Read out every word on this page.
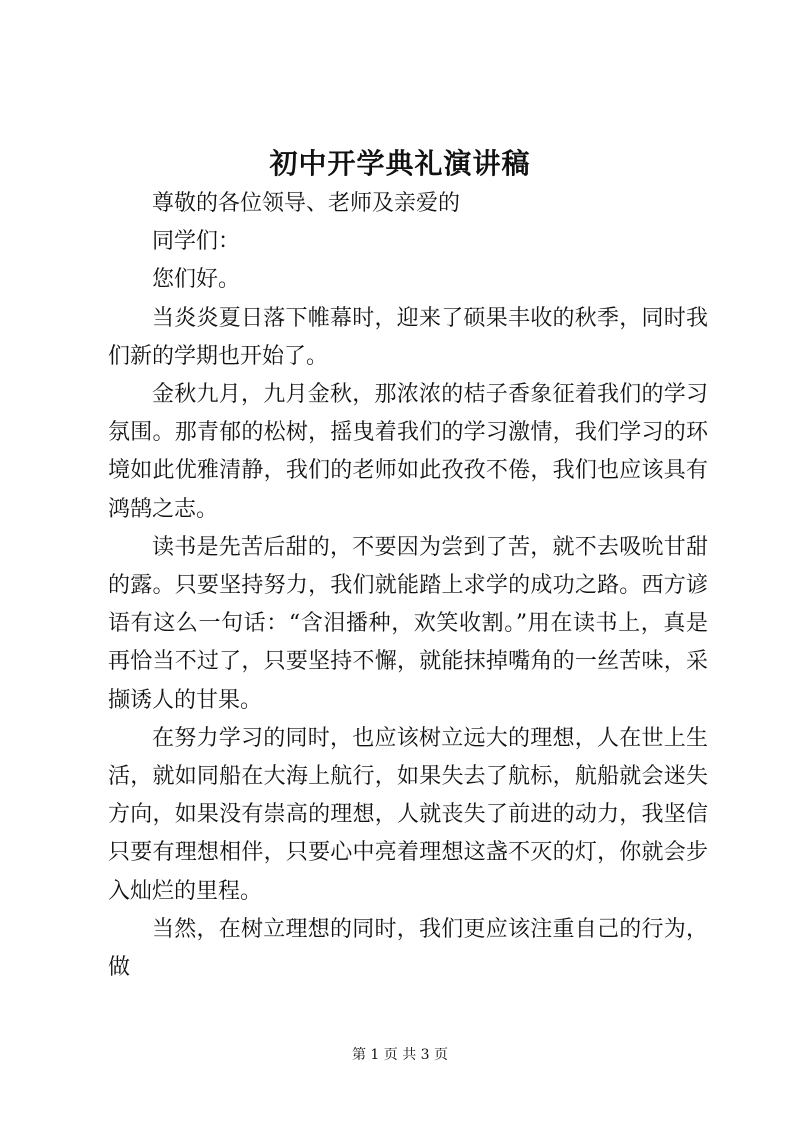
初中开学典礼演讲稿

尊敬的各位领导、老师及亲爱的

同学们：

您们好。

当炎炎夏日落下帷幕时，迎来了硕果丰收的秋季，同时我们新的学期也开始了。

金秋九月，九月金秋，那浓浓的桔子香象征着我们的学习氛围。那青郁的松树，摇曳着我们的学习激情，我们学习的环境如此优雅清静，我们的老师如此孜孜不倦，我们也应该具有鸿鹄之志。

读书是先苦后甜的，不要因为尝到了苦，就不去吸吮甘甜的露。只要坚持努力，我们就能踏上求学的成功之路。西方谚语有这么一句话：“含泪播种，欢笑收割。”用在读书上，真是再恰当不过了，只要坚持不懈，就能抹掉嘴角的一丝苦味，采撷诱人的甘果。

在努力学习的同时，也应该树立远大的理想，人在世上生活，就如同船在大海上航行，如果失去了航标，航船就会迷失方向，如果没有崇高的理想，人就丧失了前进的动力，我坚信只要有理想相伴，只要心中亮着理想这盏不灭的灯，你就会步入灿烂的里程。

当然，在树立理想的同时，我们更应该注重自己的行为，做

第 1 页 共 3 页
